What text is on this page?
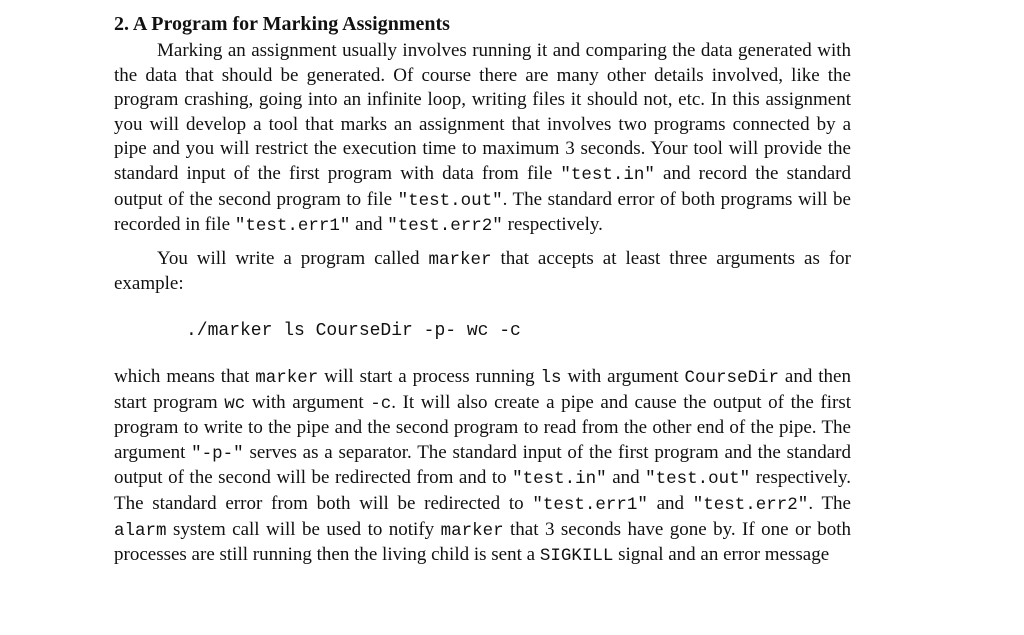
2. A Program for Marking Assignments

Marking an assignment usually involves running it and comparing the data generated with the data that should be generated. Of course there are many other details involved, like the program crashing, going into an infinite loop, writing files it should not, etc. In this assignment you will develop a tool that marks an assignment that involves two programs connected by a pipe and you will restrict the execution time to maximum 3 seconds. Your tool will provide the standard input of the first program with data from file "test.in" and record the standard output of the second program to file "test.out". The standard error of both programs will be recorded in file "test.err1" and "test.err2" respectively.

You will write a program called marker that accepts at least three arguments as for example:

./marker ls CourseDir -p- wc -c

which means that marker will start a process running ls with argument CourseDir and then start program wc with argument -c. It will also create a pipe and cause the output of the first program to write to the pipe and the second program to read from the other end of the pipe. The argument "-p-" serves as a separator. The standard input of the first program and the standard output of the second will be redirected from and to "test.in" and "test.out" respectively. The standard error from both will be redirected to "test.err1" and "test.err2". The alarm system call will be used to notify marker that 3 seconds have gone by. If one or both processes are still running then the living child is sent a SIGKILL signal and an error message
